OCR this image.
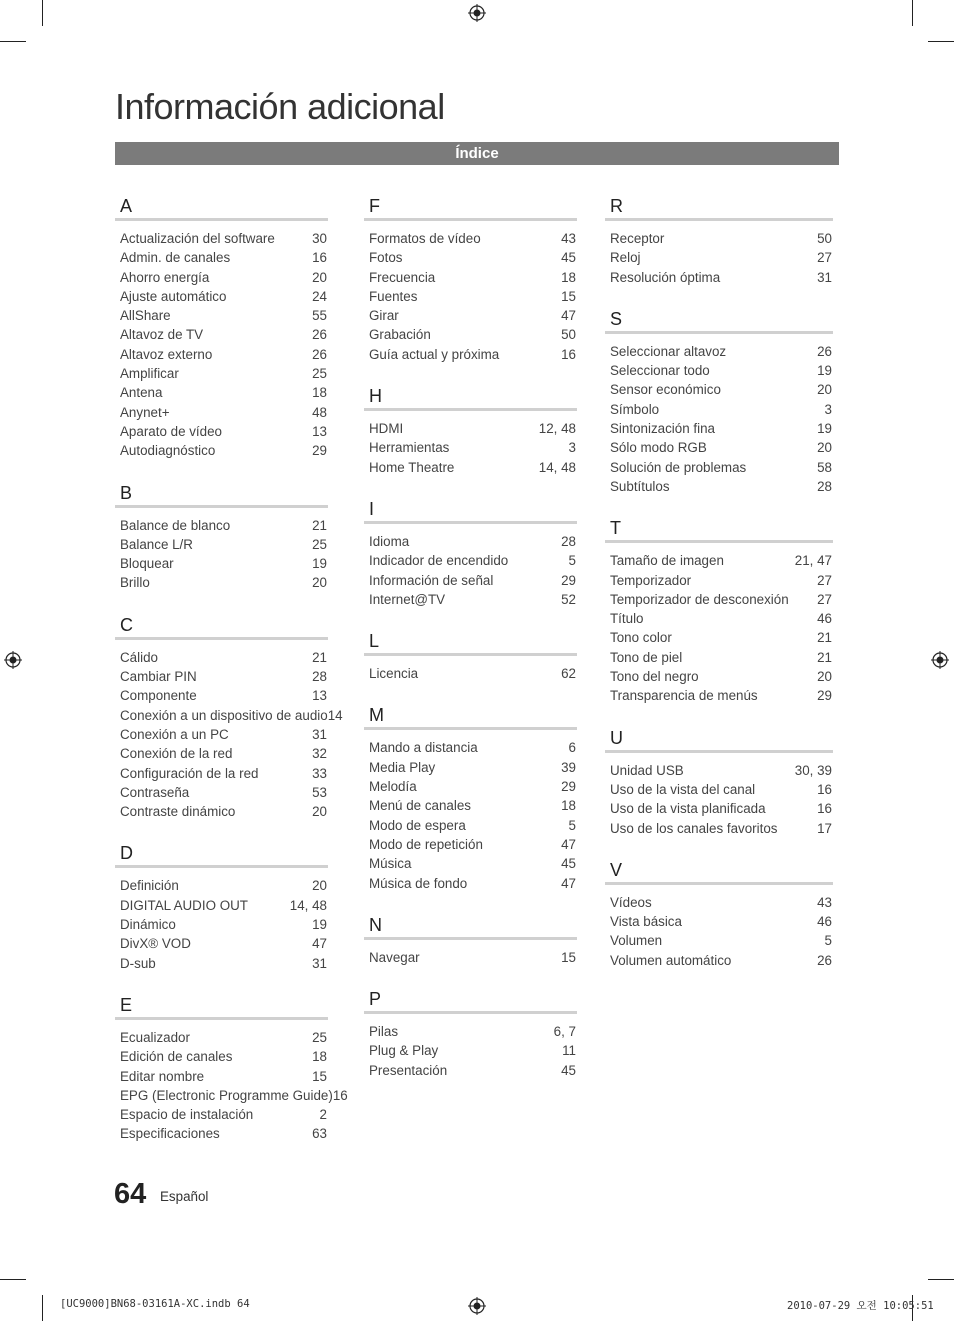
Información adicional
Índice
A
Actualización del software	30
Admin. de canales	16
Ahorro energía	20
Ajuste automático	24
AllShare	55
Altavoz de TV	26
Altavoz externo	26
Amplificar	25
Antena	18
Anynet+	48
Aparato de vídeo	13
Autodiagnóstico	29
B
Balance de blanco	21
Balance L/R	25
Bloquear	19
Brillo	20
C
Cálido	21
Cambiar PIN	28
Componente	13
Conexión a un dispositivo de audio 14
Conexión a un PC	31
Conexión de la red	32
Configuración de la red	33
Contraseña	53
Contraste dinámico	20
D
Definición	20
DIGITAL AUDIO OUT	14, 48
Dinámico	19
DivX® VOD	47
D-sub	31
E
Ecualizador	25
Edición de canales	18
Editar nombre	15
EPG (Electronic Programme Guide) 16
Espacio de instalación	2
Especificaciones	63
F
Formatos de vídeo	43
Fotos	45
Frecuencia	18
Fuentes	15
Girar	47
Grabación	50
Guía actual y próxima	16
H
HDMI	12, 48
Herramientas	3
Home Theatre	14, 48
I
Idioma	28
Indicador de encendido	5
Información de señal	29
Internet@TV	52
L
Licencia	62
M
Mando a distancia	6
Media Play	39
Melodía	29
Menú de canales	18
Modo de espera	5
Modo de repetición	47
Música	45
Música de fondo	47
N
Navegar	15
P
Pilas	6, 7
Plug & Play	11
Presentación	45
R
Receptor	50
Reloj	27
Resolución óptima	31
S
Seleccionar altavoz	26
Seleccionar todo	19
Sensor económico	20
Símbolo	3
Sintonización fina	19
Sólo modo RGB	20
Solución de problemas	58
Subtítulos	28
T
Tamaño de imagen	21, 47
Temporizador	27
Temporizador de desconexión 27
Título	46
Tono color	21
Tono de piel	21
Tono del negro	20
Transparencia de menús	29
U
Unidad USB	30, 39
Uso de la vista del canal	16
Uso de la vista planificada	16
Uso de los canales favoritos	17
V
Vídeos	43
Vista básica	46
Volumen	5
Volumen automático	26
64 Español
[UC9000]BN68-03161A-XC.indb 64	2010-07-29 오전 10:05:51
